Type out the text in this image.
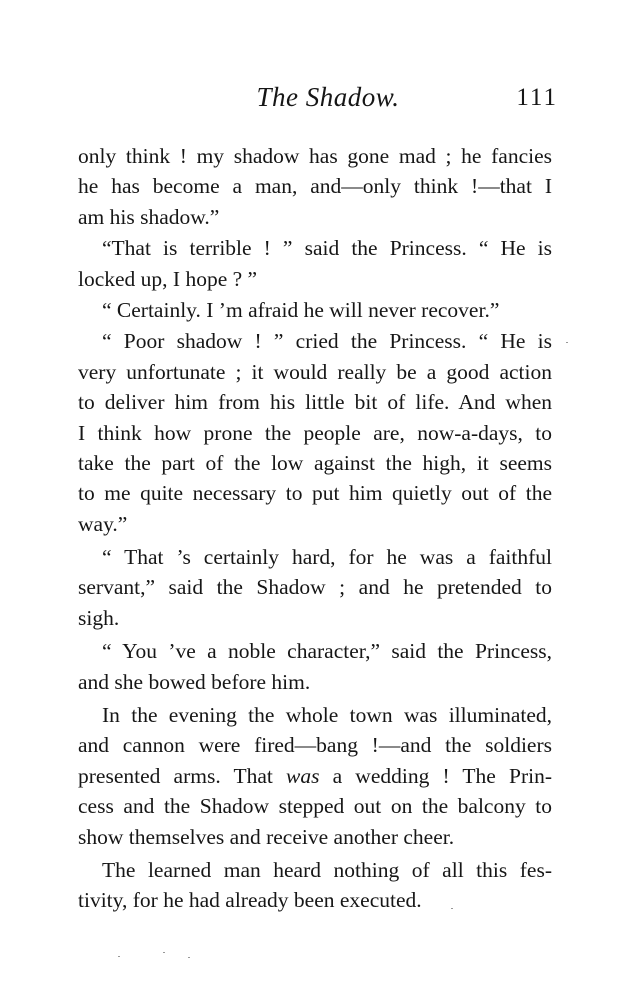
The Shadow.	111
only think ! my shadow has gone mad ; he fancies
he has become a man, and—only think !—that I
am his shadow.”
“That is terrible ! ” said the Princess. “ He is
locked up, I hope ? ”
“ Certainly. I ’m afraid he will never recover.”
“ Poor shadow ! ” cried the Princess. “ He is
very unfortunate ; it would really be a good action
to deliver him from his little bit of life. And when
I think how prone the people are, now-a-days, to
take the part of the low against the high, it seems
to me quite necessary to put him quietly out of the
way.”
“ That ’s certainly hard, for he was a faithful
servant,” said the Shadow ; and he pretended to
sigh.
“ You ’ve a noble character,” said the Princess,
and she bowed before him.
In the evening the whole town was illuminated,
and cannon were fired—bang !—and the soldiers
presented arms. That was a wedding ! The Prin-
cess and the Shadow stepped out on the balcony to
show themselves and receive another cheer.
The learned man heard nothing of all this fes-
tivity, for he had already been executed.
